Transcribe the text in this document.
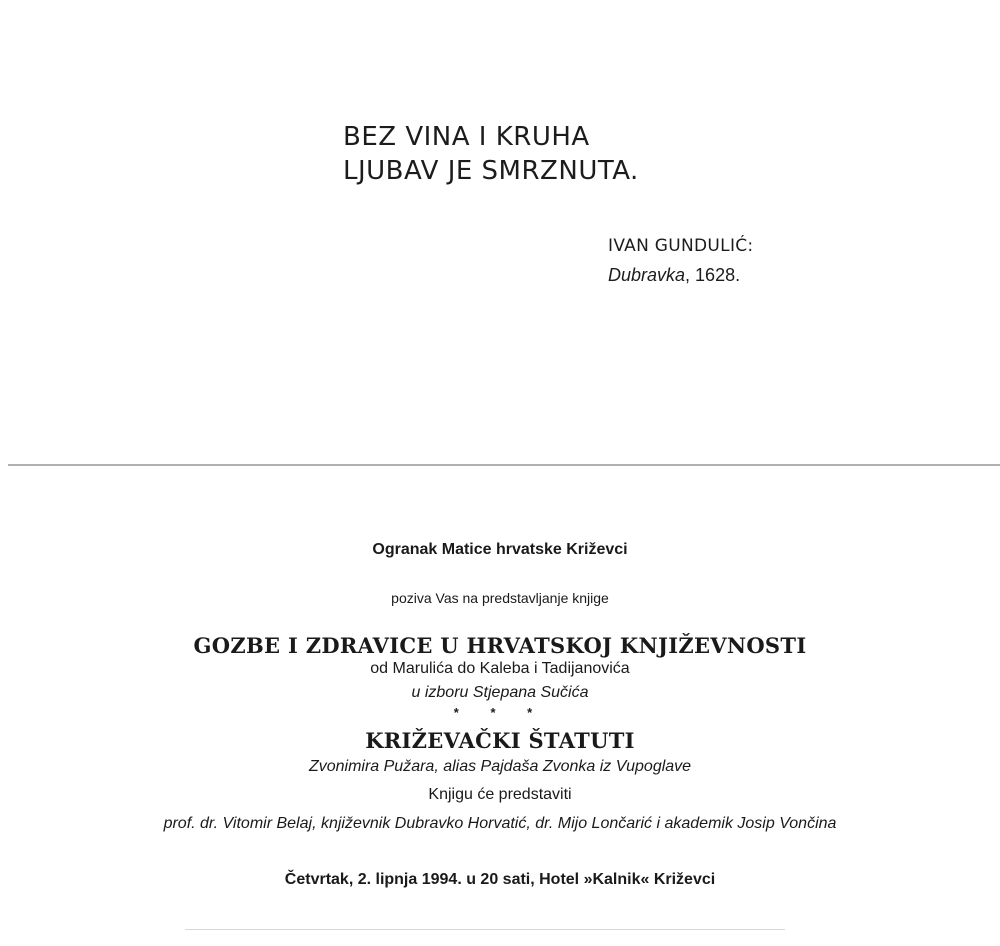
BEZ VINA I KRUHA
LJUBAV JE SMRZNUTA.
IVAN GUNDULIĆ:
Dubravka, 1628.
Ogranak Matice hrvatske Križevci
poziva Vas na predstavljanje knjige
GOZBE I ZDRAVICE U HRVATSKOJ KNJIŽEVNOSTI
od Marulića do Kaleba i Tadijanovića
u izboru Stjepana Sučića
* * *
KRIŽEVAČKI ŠTATUTI
Zvonimira Pužara, alias Pajdaša Zvonka iz Vupoglave
Knjigu će predstaviti
prof. dr. Vitomir Belaj, književnik Dubravko Horvatić, dr. Mijo Lončarić i akademik Josip Vončina
Četvrtak, 2. lipnja 1994. u 20 sati, Hotel »Kalnik« Križevci
